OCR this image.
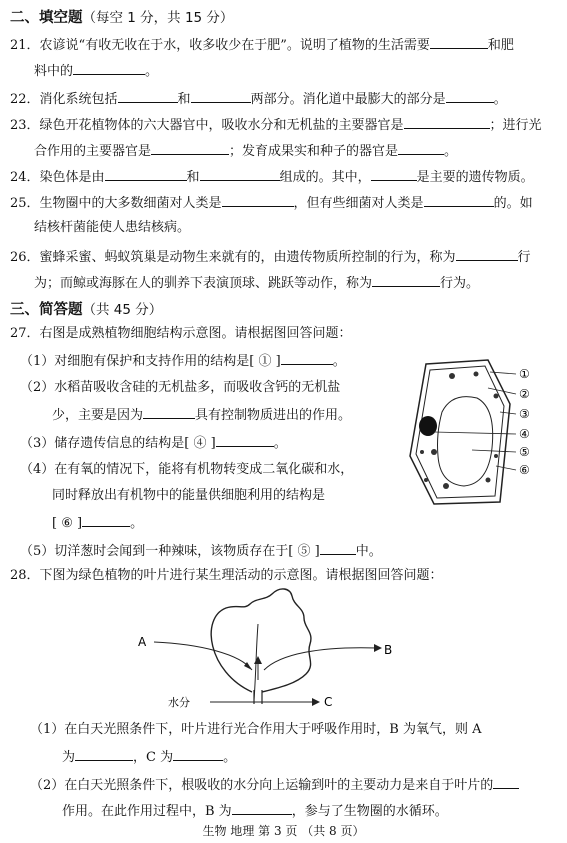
二、填空题（每空 1 分，共 15 分）
21．农谚说“有收无收在于水，收多收少在于肥”。说明了植物的生活需要	和肥
料中的	。
22．消化系统包括	和	两部分。消化道中最膨大的部分是	。
23．绿色开花植物体的六大器官中，吸收水分和无机盐的主要器官是	；进行光
合作用的主要器官是	；发育成果实和种子的器官是	。
24．染色体是由	和	组成的。其中，	是主要的遗传物质。
25．生物圈中的大多数细菌对人类是	，但有些细菌对人类是	的。如
结核杆菌能使人患结核病。
26．蜜蜂采蜜、蚂蚁筑巢是动物生来就有的，由遗传物质所控制的行为，称为	行
为；而鲸或海豚在人的驯养下表演顶球、跳跃等动作，称为	行为。
三、简答题（共 45 分）
27．右图是成熟植物细胞结构示意图。请根据图回答问题：
（1）对细胞有保护和支持作用的结构是[ ① ]	。
（2）水稻苗吸收含硅的无机盐多，而吸收含钙的无机盐
少，主要是因为	具有控制物质进出的作用。
（3）储存遗传信息的结构是[ ④ ]	。
（4）在有氧的情况下，能将有机物转变成二氧化碳和水，
同时释放出有机物中的能量供细胞利用的结构是
[ ⑥ ]	。
（5）切洋葱时会闻到一种辣味，该物质存在于[ ⑤ ]	中。
①
②
③
④
⑤
⑥
28．下图为绿色植物的叶片进行某生理活动的示意图。请根据图回答问题：
A
B
C
水分
（1）在白天光照条件下，叶片进行光合作用大于呼吸作用时，B 为氧气，则 A
为	，C 为	。
（2）在白天光照条件下，根吸收的水分向上运输到叶的主要动力是来自于叶片的
作用。在此作用过程中，B 为	，参与了生物圈的水循环。
生物 地理 第 3 页 （共 8 页）
